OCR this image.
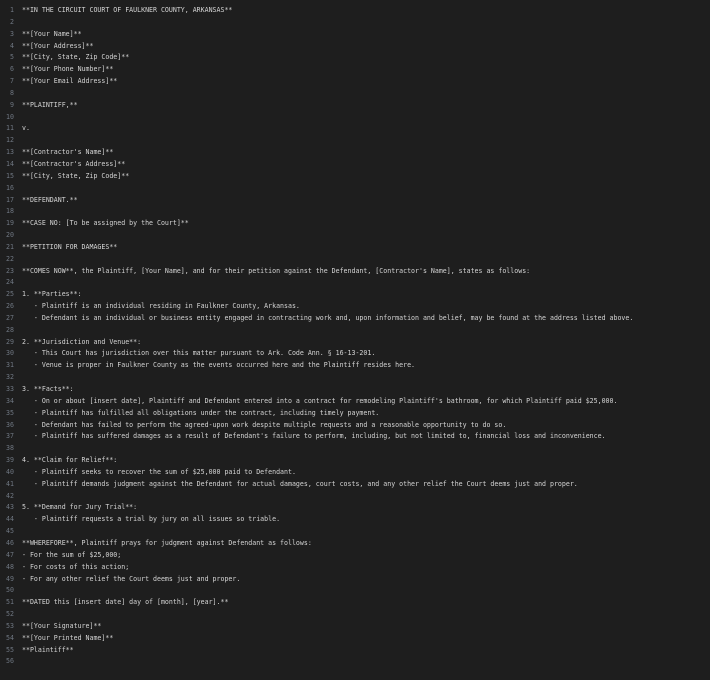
1	**IN THE CIRCUIT COURT OF FAULKNER COUNTY, ARKANSAS**
2
3	**[Your Name]**
4	**[Your Address]**
5	**[City, State, Zip Code]**
6	**[Your Phone Number]**
7	**[Your Email Address]**
8
9	**PLAINTIFF,**
10
11	v.
12
13	**[Contractor's Name]**
14	**[Contractor's Address]**
15	**[City, State, Zip Code]**
16
17	**DEFENDANT.**
18
19	**CASE NO: [To be assigned by the Court]**
20
21	**PETITION FOR DAMAGES**
22
23	**COMES NOW**, the Plaintiff, [Your Name], and for their petition against the Defendant, [Contractor's Name], states as follows:
24
25	1. **Parties**:
26	- Plaintiff is an individual residing in Faulkner County, Arkansas.
27	- Defendant is an individual or business entity engaged in contracting work and, upon information and belief, may be found at the address listed above.
28
29	2. **Jurisdiction and Venue**:
30	- This Court has jurisdiction over this matter pursuant to Ark. Code Ann. § 16-13-201.
31	- Venue is proper in Faulkner County as the events occurred here and the Plaintiff resides here.
32
33	3. **Facts**:
34	- On or about [insert date], Plaintiff and Defendant entered into a contract for remodeling Plaintiff's bathroom, for which Plaintiff paid $25,000.
35	- Plaintiff has fulfilled all obligations under the contract, including timely payment.
36	- Defendant has failed to perform the agreed-upon work despite multiple requests and a reasonable opportunity to do so.
37	- Plaintiff has suffered damages as a result of Defendant's failure to perform, including, but not limited to, financial loss and inconvenience.
38
39	4. **Claim for Relief**:
40	- Plaintiff seeks to recover the sum of $25,000 paid to Defendant.
41	- Plaintiff demands judgment against the Defendant for actual damages, court costs, and any other relief the Court deems just and proper.
42
43	5. **Demand for Jury Trial**:
44	- Plaintiff requests a trial by jury on all issues so triable.
45
46	**WHEREFORE**, Plaintiff prays for judgment against Defendant as follows:
47	- For the sum of $25,000;
48	- For costs of this action;
49	- For any other relief the Court deems just and proper.
50
51	**DATED this [insert date] day of [month], [year].**
52
53	**[Your Signature]**
54	**[Your Printed Name]**
55	**Plaintiff**
56
